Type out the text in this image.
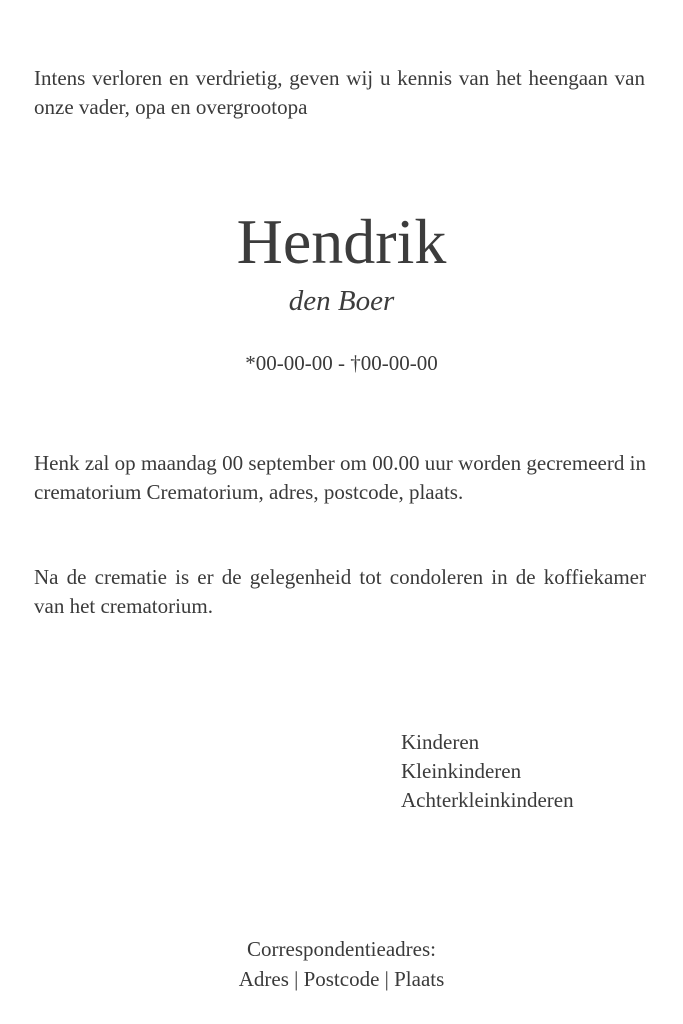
Intens verloren en verdrietig, geven wij u kennis van het heengaan van onze vader, opa en overgrootopa

Hendrik
den Boer
*00-00-00 - †00-00-00

Henk zal op maandag 00 september om 00.00 uur worden gecremeerd in crematorium Crematorium, adres, postcode, plaats.

Na de crematie is er de gelegenheid tot condoleren in de koffiekamer van het crematorium.

Kinderen
Kleinkinderen
Achterkleinkinderen
Correspondentieadres:
Adres | Postcode | Plaats
